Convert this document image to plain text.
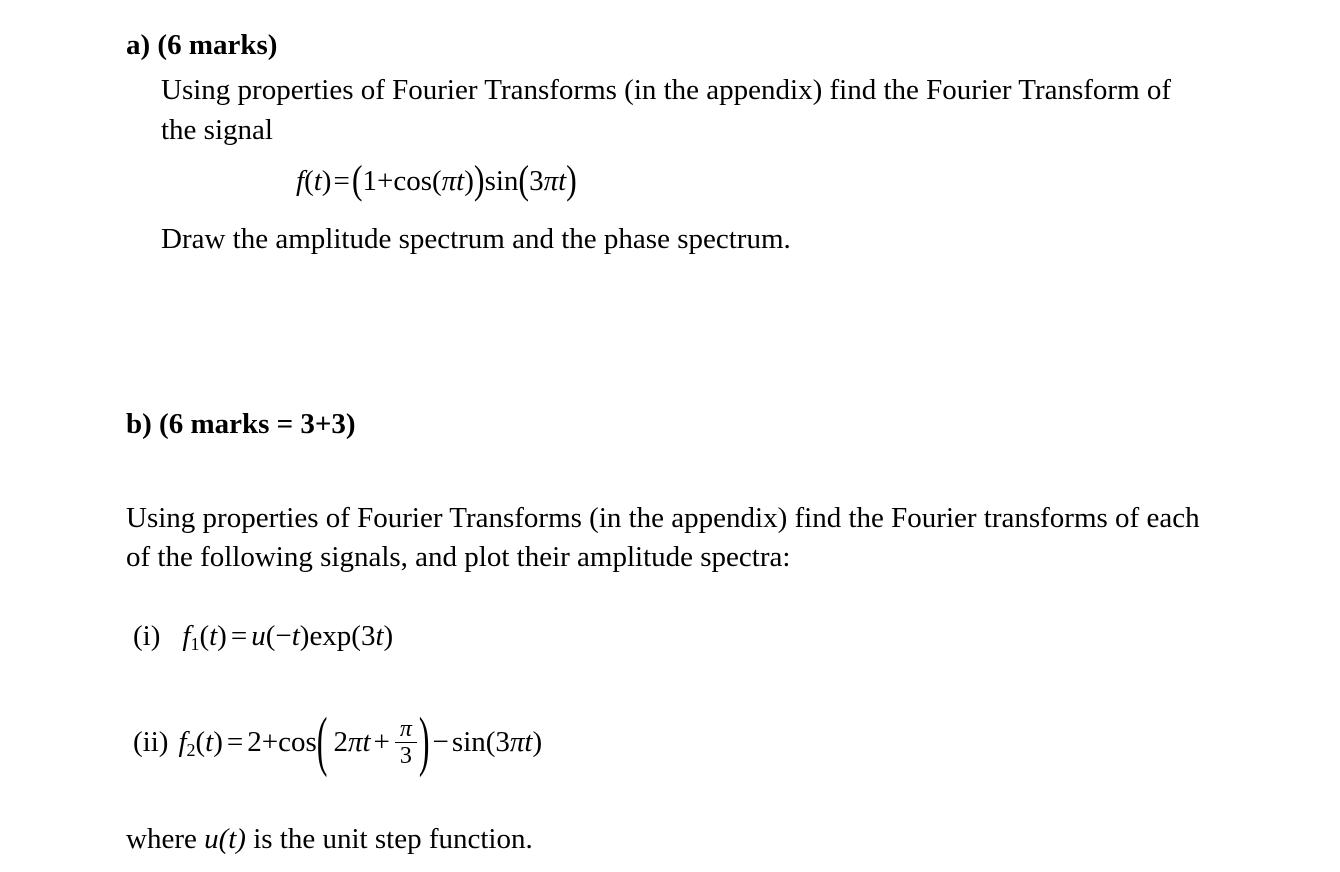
a) (6 marks)
Using properties of Fourier Transforms (in the appendix) find the Fourier Transform of
the signal
f(t)=(1+cos(πt))sin(3πt)
Draw the amplitude spectrum and the phase spectrum.
b) (6 marks = 3+3)
Using properties of Fourier Transforms (in the appendix) find the Fourier transforms of each
of the following signals, and plot their amplitude spectra:
(i) $f_1(t) = u(-t)\exp(3t)$
(ii) $f_2(t) = 2+\cos$( $2\pi t + \frac{\pi}{3}$ ) − sin(3πt)
where u(t) is the unit step function.
